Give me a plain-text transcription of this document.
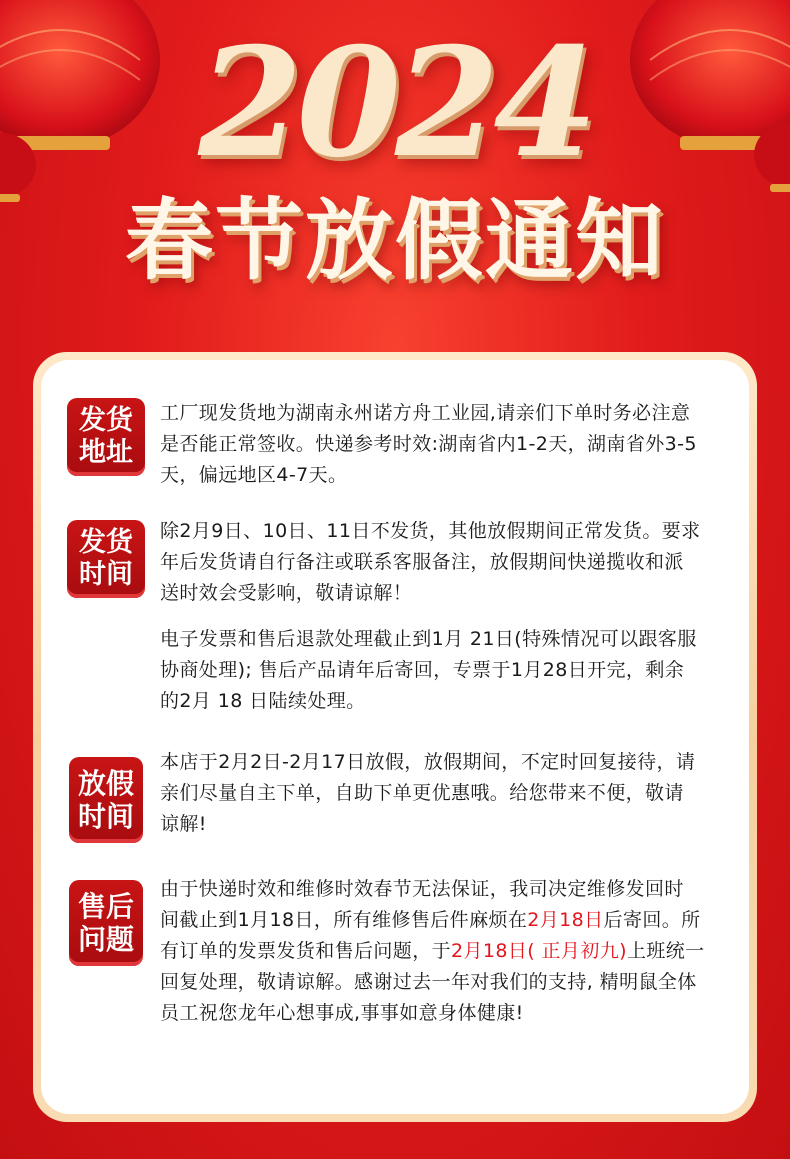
2024
春节放假通知
发货
地址
工厂现发货地为湖南永州诺方舟工业园,请亲们下单时务必注意
是否能正常签收。快递参考时效:湖南省内1-2天，湖南省外3-5
天，偏远地区4-7天。
发货
时间
除2月9日、10日、11日不发货，其他放假期间正常发货。要求
年后发货请自行备注或联系客服备注，放假期间快递揽收和派
送时效会受影响，敬请谅解！
电子发票和售后退款处理截止到1月 21日(特殊情况可以跟客服
协商处理); 售后产品请年后寄回，专票于1月28日开完，剩余
的2月 18 日陆续处理。
放假
时间
本店于2月2日-2月17日放假，放假期间，不定时回复接待，请
亲们尽量自主下单，自助下单更优惠哦。给您带来不便，敬请
谅解!
售后
问题
由于快递时效和维修时效春节无法保证，我司决定维修发回时
间截止到1月18日，所有维修售后件麻烦在2月18日后寄回。所
有订单的发票发货和售后问题，于2月18日( 正月初九)上班统一
回复处理，敬请谅解。感谢过去一年对我们的支持, 精明鼠全体
员工祝您龙年心想事成,事事如意身体健康!
